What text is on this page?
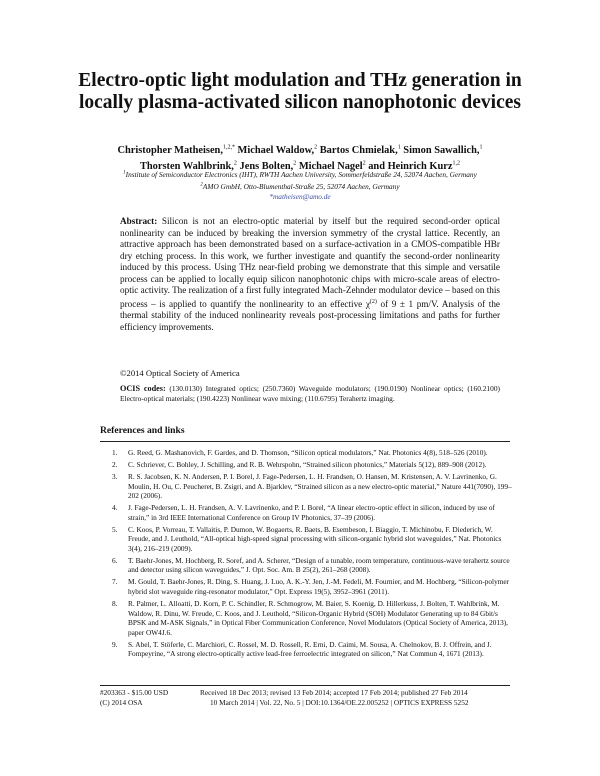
Electro-optic light modulation and THz generation in locally plasma-activated silicon nanophotonic devices

Christopher Matheisen,$^{1,2,*}$ Michael Waldow,$^2$ Bartos Chmielak,$^1$ Simon Sawallich,$^1$
Thorsten Wahlbrink,$^2$ Jens Bolten,$^2$ Michael Nagel$^2$ and Heinrich Kurz$^{1,2}$

$^1$Institute of Semiconductor Electronics (IHT), RWTH Aachen University, Sommerfeldstraße 24, 52074 Aachen, Germany
$^2$AMO GmbH, Otto-Blumenthal-Straße 25, 52074 Aachen, Germany
*matheisen@amo.de

Abstract: Silicon is not an electro-optic material by itself but the required second-order optical nonlinearity can be induced by breaking the inversion symmetry of the crystal lattice. Recently, an attractive approach has been demonstrated based on a surface-activation in a CMOS-compatible HBr dry etching process. In this work, we further investigate and quantify the second-order nonlinearity induced by this process. Using THz near-field probing we demonstrate that this simple and versatile process can be applied to locally equip silicon nanophotonic chips with micro-scale areas of electro-optic activity. The realization of a first fully integrated Mach-Zehnder modulator device – based on this process – is applied to quantify the nonlinearity to an effective $\chi^{(2)}$ of 9 ± 1 pm/V. Analysis of the thermal stability of the induced nonlinearity reveals post-processing limitations and paths for further efficiency improvements.

©2014 Optical Society of America

OCIS codes: (130.0130) Integrated optics; (250.7360) Waveguide modulators; (190.0190) Nonlinear optics; (160.2100) Electro-optical materials; (190.4223) Nonlinear wave mixing; (110.6795) Terahertz imaging.

References and links
1. G. Reed, G. Mashanovich, F. Gardes, and D. Thomson, “Silicon optical modulators,” Nat. Photonics 4(8), 518–526 (2010).
2. C. Schriever, C. Bohley, J. Schilling, and R. B. Wehrspohn, “Strained silicon photonics,” Materials 5(12), 889–908 (2012).
3. R. S. Jacobsen, K. N. Andersen, P. I. Borel, J. Fage-Pedersen, L. H. Frandsen, O. Hansen, M. Kristensen, A. V. Lavrinenko, G. Moulin, H. Ou, C. Peucheret, B. Zsigri, and A. Bjarklev, “Strained silicon as a new electro-optic material,” Nature 441(7090), 199–202 (2006).
4. J. Fage-Pedersen, L. H. Frandsen, A. V. Lavrinenko, and P. I. Borel, “A linear electro-optic effect in silicon, induced by use of strain,” in 3rd IEEE International Conference on Group IV Photonics, 37–39 (2006).
5. C. Koos, P. Vorreau, T. Vallaitis, P. Dumon, W. Bogaerts, R. Baets, B. Esembeson, I. Biaggio, T. Michinobu, F. Diederich, W. Freude, and J. Leuthold, “All-optical high-speed signal processing with silicon-organic hybrid slot waveguides,” Nat. Photonics 3(4), 216–219 (2009).
6. T. Baehr-Jones, M. Hochberg, R. Soref, and A. Scherer, “Design of a tunable, room temperature, continuous-wave terahertz source and detector using silicon waveguides,” J. Opt. Soc. Am. B 25(2), 261–268 (2008).
7. M. Gould, T. Baehr-Jones, R. Ding, S. Huang, J. Luo, A. K.-Y. Jen, J.-M. Fedeli, M. Fournier, and M. Hochberg, “Silicon-polymer hybrid slot waveguide ring-resonator modulator,” Opt. Express 19(5), 3952–3961 (2011).
8. R. Palmer, L. Alloatti, D. Korn, P. C. Schindler, R. Schmogrow, M. Baier, S. Koenig, D. Hillerkuss, J. Bolten, T. Wahlbrink, M. Waldow, R. Dinu, W. Freude, C. Koos, and J. Leuthold, “Silicon-Organic Hybrid (SOH) Modulator Generating up to 84 Gbit/s BPSK and M-ASK Signals,” in Optical Fiber Communication Conference, Novel Modulators (Optical Society of America, 2013), paper OW4J.6.
9. S. Abel, T. Stöferle, C. Marchiori, C. Rossel, M. D. Rossell, R. Erni, D. Caimi, M. Sousa, A. Chelnokov, B. J. Offrein, and J. Fompeyrine, “A strong electro-optically active lead-free ferroelectric integrated on silicon,” Nat Commun 4, 1671 (2013).
#203363 - $15.00 USD	Received 18 Dec 2013; revised 13 Feb 2014; accepted 17 Feb 2014; published 27 Feb 2014
(C) 2014 OSA	10 March 2014 | Vol. 22, No. 5 | DOI:10.1364/OE.22.005252 | OPTICS EXPRESS 5252
